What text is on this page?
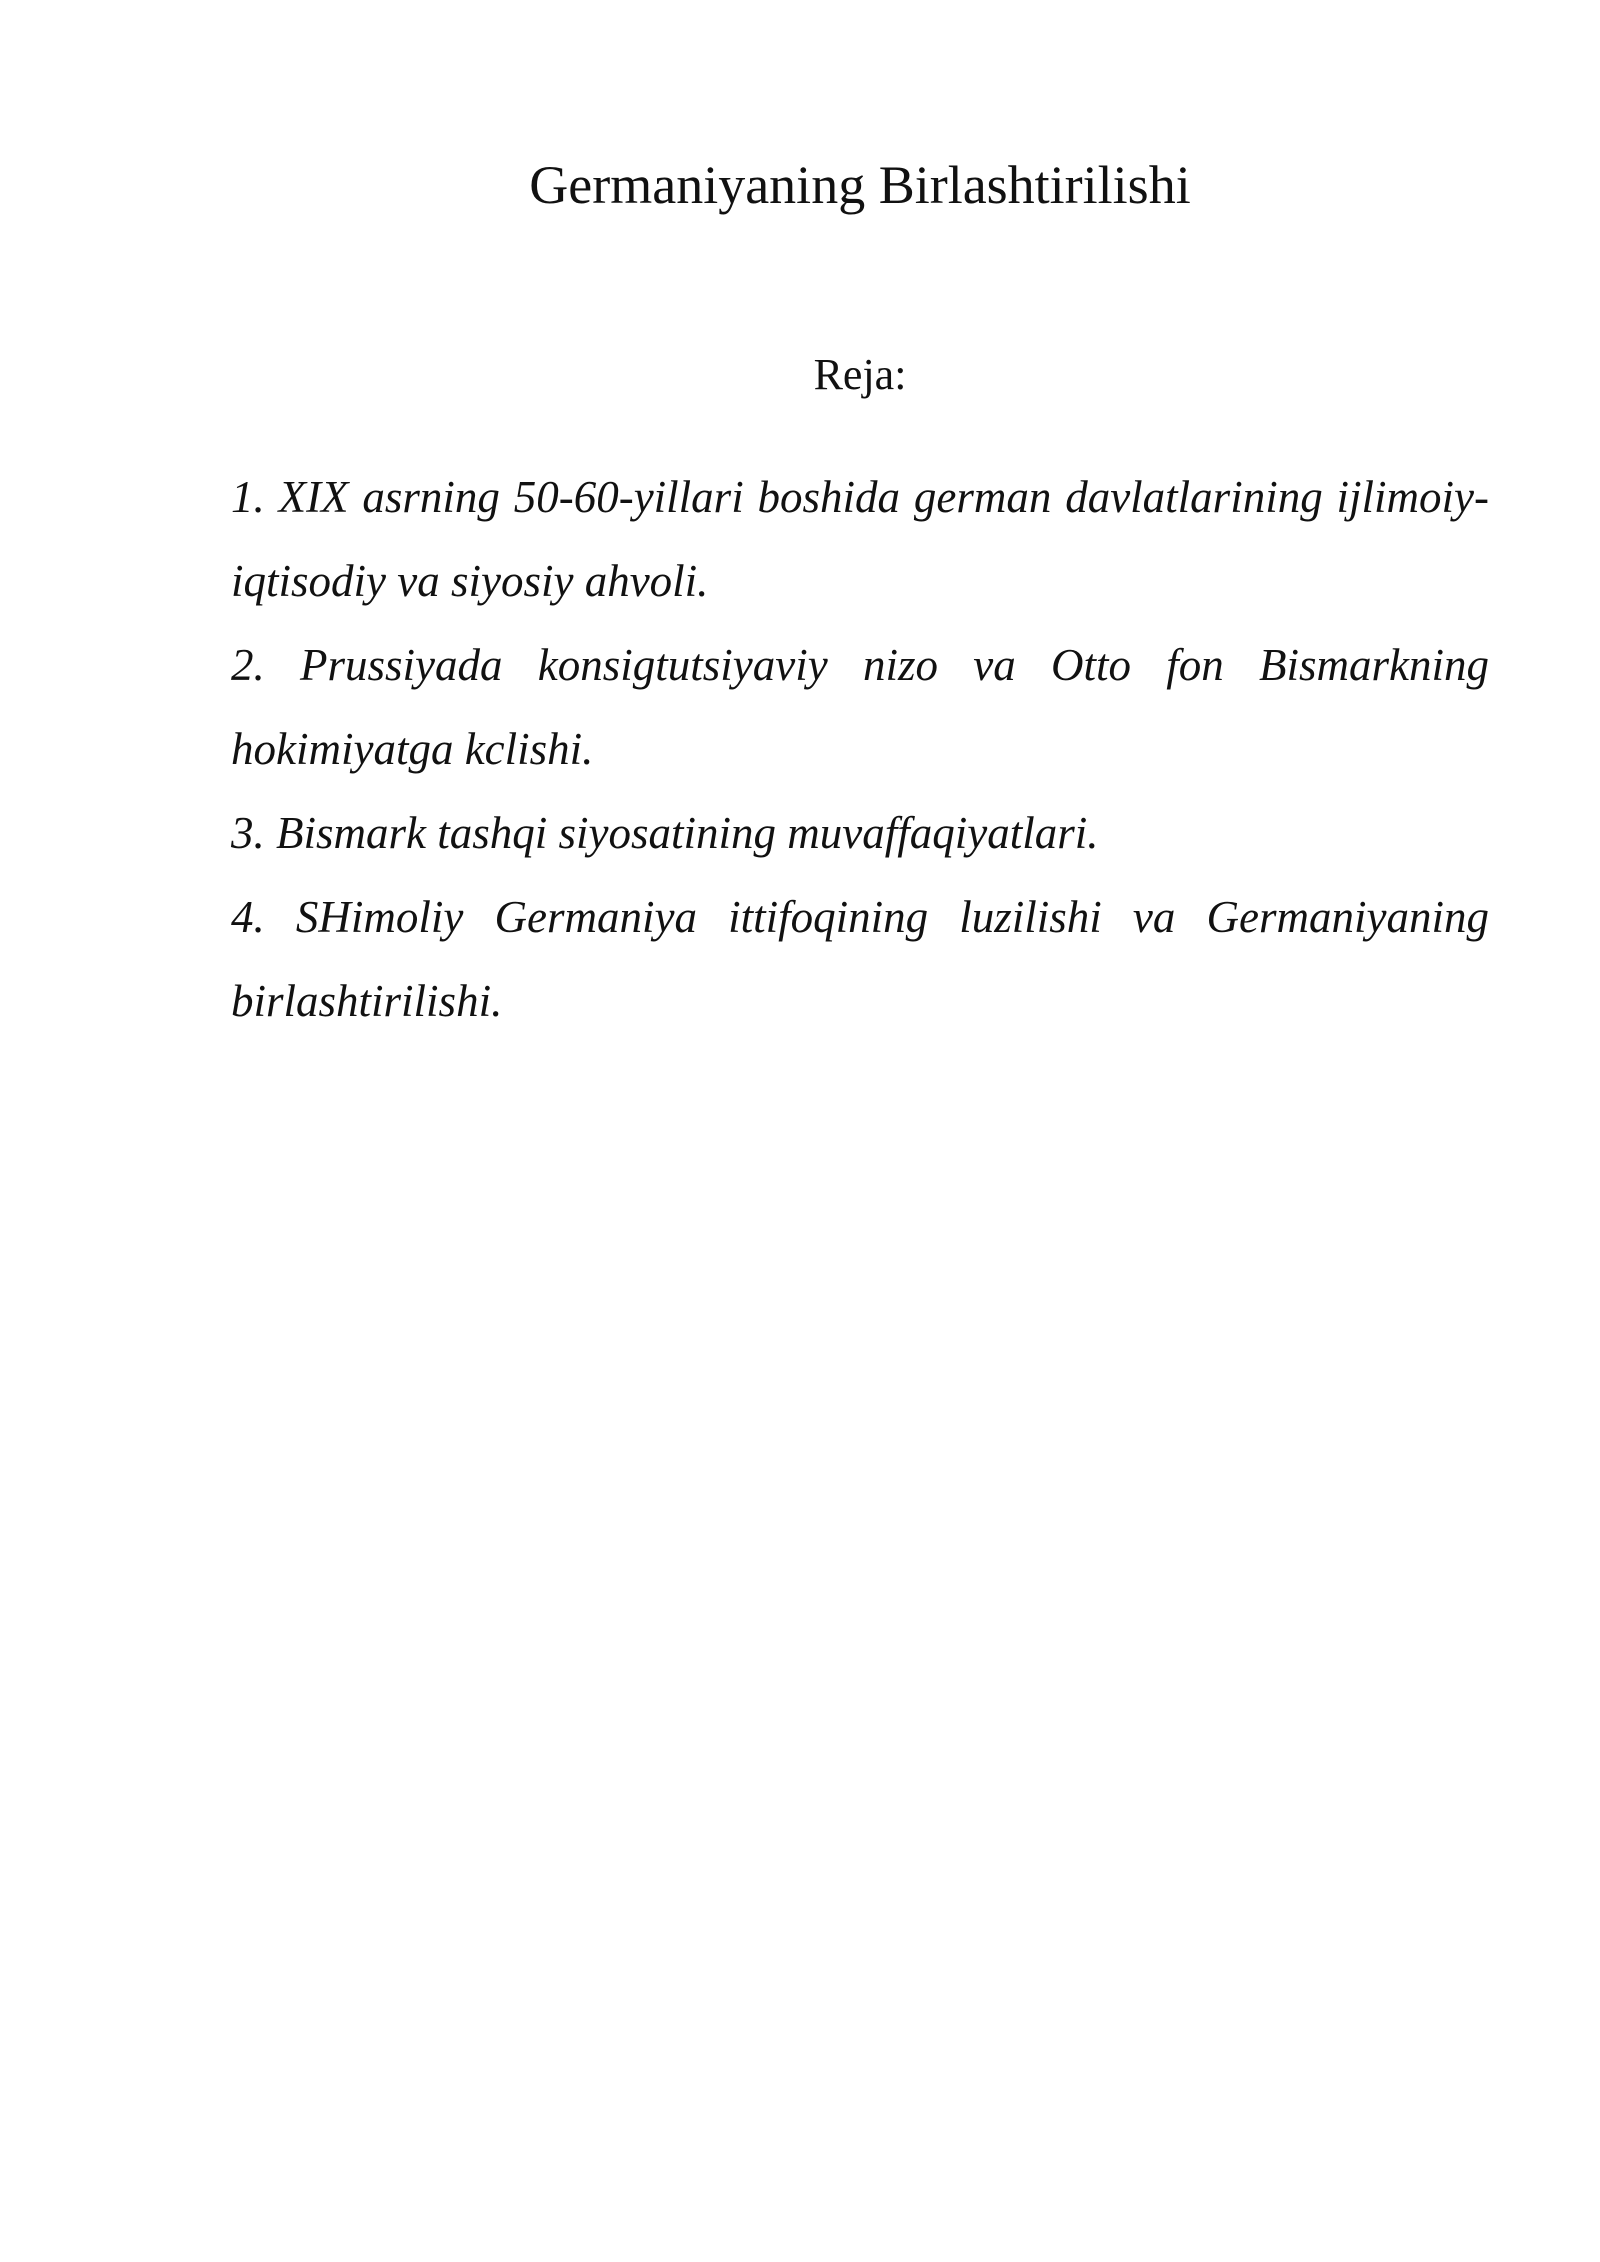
Germaniyaning Birlashtirilishi
Reja:
1. XIX asrning 50-60-yillari boshida german davlatlarining ijlimoiy-iqtisodiy va siyosiy ahvoli.
2. Prussiyada konsigtutsiyaviy nizo va Otto fon Bismarkning hokimiyatga kclishi.
3. Bismark tashqi siyosatining muvaffaqiyatlari.
4. SHimoliy Germaniya ittifoqining luzilishi va Germaniyaning birlashtirilishi.
